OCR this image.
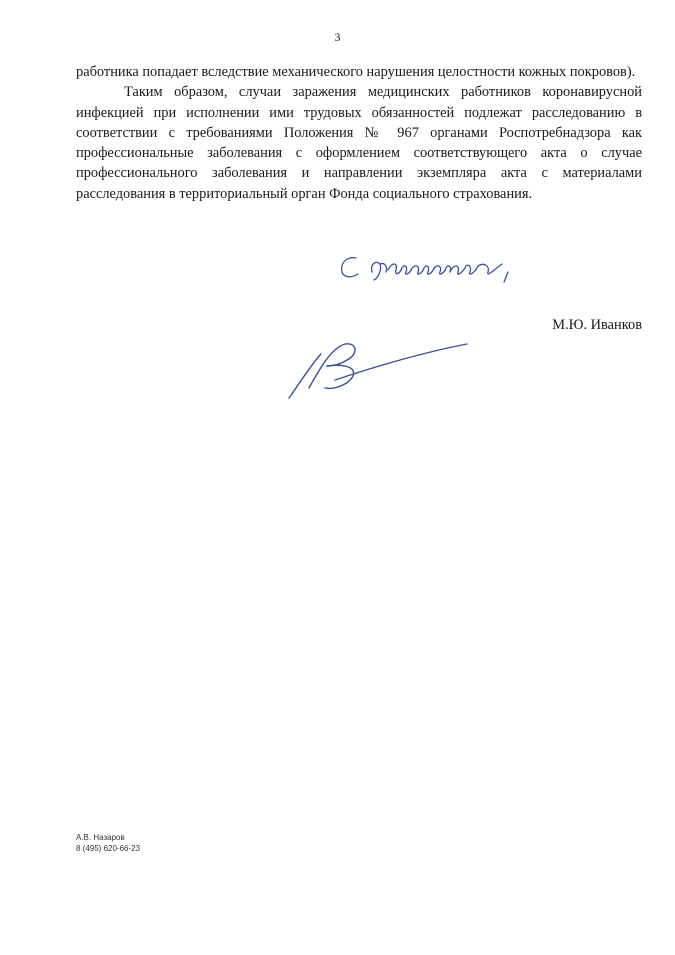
3

работника попадает вследствие механического нарушения целостности кожных покровов).

Таким образом, случаи заражения медицинских работников коронавирусной инфекцией при исполнении ими трудовых обязанностей подлежат расследованию в соответствии с требованиями Положения № 967 органами Роспотребнадзора как профессиональные заболевания с оформлением соответствующего акта о случае профессионального заболевания и направлении экземпляра акта с материалами расследования в территориальный орган Фонда социального страхования.

М.Ю. Иванков
А.В. Назаров
8 (495) 620-66-23
